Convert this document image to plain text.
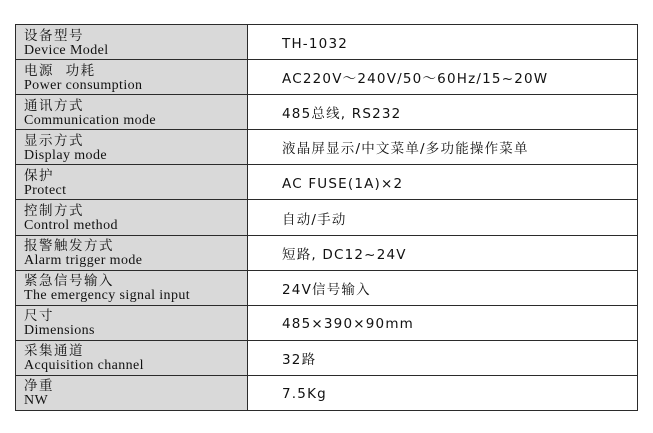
设备型号
Device Model	TH-1032

电源  功耗
Power consumption	AC220V～240V/50～60Hz/15~20W

通讯方式
Communication mode	485总线, RS232

显示方式
Display mode	液晶屏显示/中文菜单/多功能操作菜单

保护
Protect	AC FUSE(1A)×2

控制方式
Control method	自动/手动

报警触发方式
Alarm trigger mode	短路, DC12~24V

紧急信号输入
The emergency signal input	24V信号输入

尺寸
Dimensions	485×390×90mm

采集通道
Acquisition channel	32路

净重
NW	7.5Kg
